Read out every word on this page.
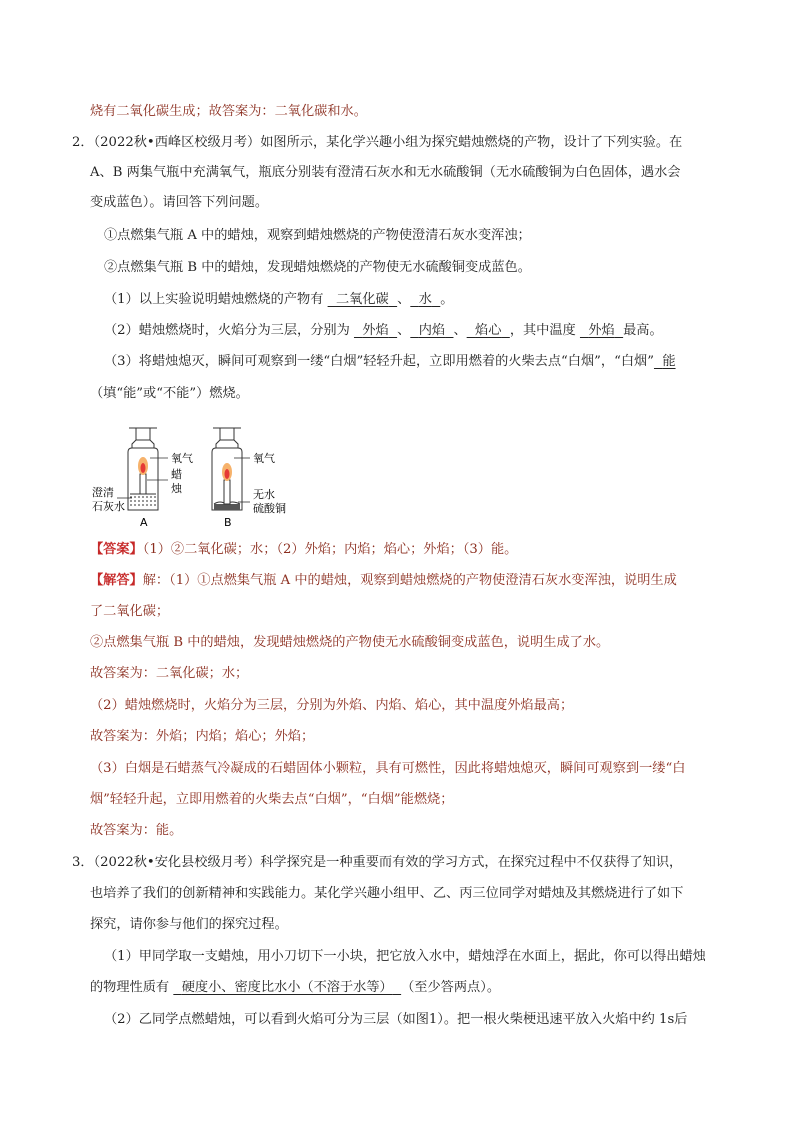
烧有二氧化碳生成；故答案为：二氧化碳和水。
2．（2022秋•西峰区校级月考）如图所示，某化学兴趣小组为探究蜡烛燃烧的产物，设计了下列实验。在
A、B 两集气瓶中充满氧气，瓶底分别装有澄清石灰水和无水硫酸铜（无水硫酸铜为白色固体，遇水会
变成蓝色）。请回答下列问题。
①点燃集气瓶 A 中的蜡烛，观察到蜡烛燃烧的产物使澄清石灰水变浑浊；
②点燃集气瓶 B 中的蜡烛，发现蜡烛燃烧的产物使无水硫酸铜变成蓝色。
（1）以上实验说明蜡烛燃烧的产物有   二氧化碳 、 水 。
（2）蜡烛燃烧时，火焰分为三层，分别为   外焰 、 内焰 、 焰心 ，其中温度   外焰 最高。
（3）将蜡烛熄灭，瞬间可观察到一缕“白烟”轻轻升起，立即用燃着的火柴去点“白烟”，“白烟” 能
（填“能”或“不能”）燃烧。
氧气
蜡
烛
氧气
澄清
石灰水
无水
硫酸铜
A	B
【答案】（1）②二氧化碳；水；（2）外焰；内焰；焰心；外焰；（3）能。
【解答】解：（1）①点燃集气瓶 A 中的蜡烛，观察到蜡烛燃烧的产物使澄清石灰水变浑浊，说明生成
了二氧化碳；
②点燃集气瓶 B 中的蜡烛，发现蜡烛燃烧的产物使无水硫酸铜变成蓝色，说明生成了水。
故答案为：二氧化碳；水；
（2）蜡烛燃烧时，火焰分为三层，分别为外焰、内焰、焰心，其中温度外焰最高；
故答案为：外焰；内焰；焰心；外焰；
（3）白烟是石蜡蒸气冷凝成的石蜡固体小颗粒，具有可燃性，因此将蜡烛熄灭，瞬间可观察到一缕“白
烟”轻轻升起，立即用燃着的火柴去点“白烟”，“白烟”能燃烧；
故答案为：能。
3．（2022秋•安化县校级月考）科学探究是一种重要而有效的学习方式，在探究过程中不仅获得了知识，
也培养了我们的创新精神和实践能力。某化学兴趣小组甲、乙、丙三位同学对蜡烛及其燃烧进行了如下
探究，请你参与他们的探究过程。
（1）甲同学取一支蜡烛，用小刀切下一小块，把它放入水中，蜡烛浮在水面上，据此，你可以得出蜡烛
的物理性质有   硬度小、密度比水小（不溶于水等） （至少答两点）。
（2）乙同学点燃蜡烛，可以看到火焰可分为三层（如图1）。把一根火柴梗迅速平放入火焰中约 1s后
